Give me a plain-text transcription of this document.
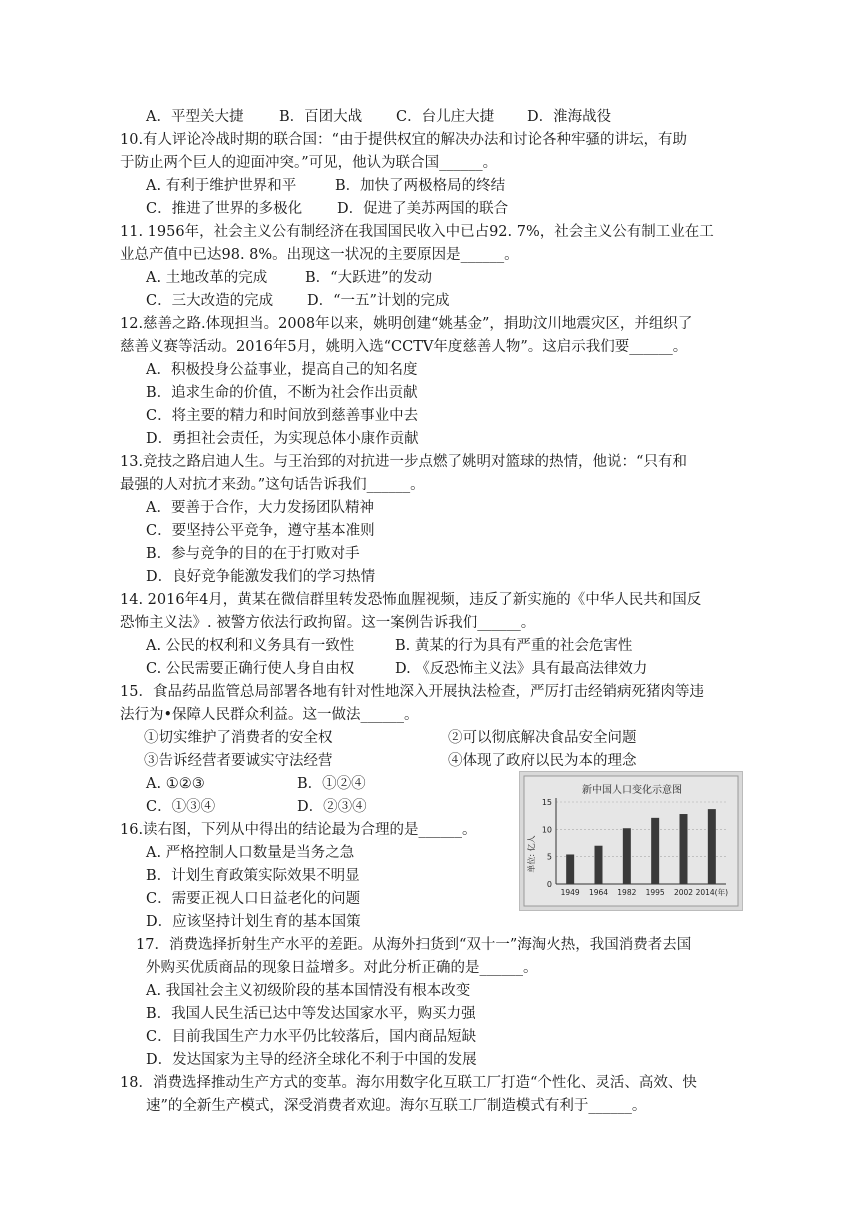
A．平型关大捷 B．百团大战 C．台儿庄大捷 D．淮海战役
10.有人评论冷战时期的联合国：“由于提供权宜的解决办法和讨论各种牢骚的讲坛，有助
于防止两个巨人的迎面冲突。”可见，他认为联合国______。
A. 有利于维护世界和平	B．加快了两极格局的终结
C．推进了世界的多极化 D．促进了美苏两国的联合
11. 1956年，社会主义公有制经济在我国国民收入中已占92. 7%，社会主义公有制工业在工
业总产值中已达98. 8%。出现这一状况的主要原因是______。
A. 土地改革的完成	B．“大跃进”的发动
C．三大改造的完成 D．“一五”计划的完成
12.慈善之路.体现担当。2008年以来，姚明创建“姚基金”，捐助汶川地震灾区，并组织了
慈善义赛等活动。2016年5月，姚明入选“CCTV年度慈善人物”。这启示我们要______。
A．积极投身公益事业，提高自己的知名度
B．追求生命的价值，不断为社会作出贡献
C．将主要的精力和时间放到慈善事业中去
D．勇担社会责任，为实现总体小康作贡献
13.竞技之路启迪人生。与王治郅的对抗进一步点燃了姚明对篮球的热情，他说：“只有和
最强的人对抗才来劲。”这句话告诉我们______。
A．要善于合作，大力发扬团队精神
C．要坚持公平竞争，遵守基本准则
B．参与竞争的目的在于打败对手
D．良好竞争能激发我们的学习热情
14. 2016年4月，黄某在微信群里转发恐怖血腥视频，违反了新实施的《中华人民共和国反
恐怖主义法》. 被警方依法行政拘留。这一案例告诉我们______。
A. 公民的权利和义务具有一致性	B. 黄某的行为具有严重的社会危害性
C. 公民需要正确行使人身自由权	D. 《反恐怖主义法》具有最高法律效力
15．食品药品监管总局部署各地有针对性地深入开展执法检查，严厉打击经销病死猪肉等违
法行为•保障人民群众利益。这一做法______。
①切实维护了消费者的安全权	②可以彻底解决食品安全问题
③告诉经营者要诚实守法经营	④体现了政府以民为本的理念
A. ①②③	B．①②④
C．①③④	D．②③④
16.读右图，下列从中得出的结论最为合理的是______。
A. 严格控制人口数量是当务之急
B．计划生育政策实际效果不明显
C．需要正视人口日益老化的问题
D．应该坚持计划生育的基本国策
新中国人口变化示意图
单位: 亿人
0
5
10
15
1949 1964 1982 1995 2002 2014(年)
17．消费选择折射生产水平的差距。从海外扫货到“双十一”海淘火热，我国消费者去国
外购买优质商品的现象日益增多。对此分析正确的是______。
A. 我国社会主义初级阶段的基本国情没有根本改变
B．我国人民生活已达中等发达国家水平，购买力强
C．目前我国生产力水平仍比较落后，国内商品短缺
D．发达国家为主导的经济全球化不利于中国的发展
18．消费选择推动生产方式的变革。海尔用数字化互联工厂打造“个性化、灵活、高效、快
速”的全新生产模式，深受消费者欢迎。海尔互联工厂制造模式有利于______。
